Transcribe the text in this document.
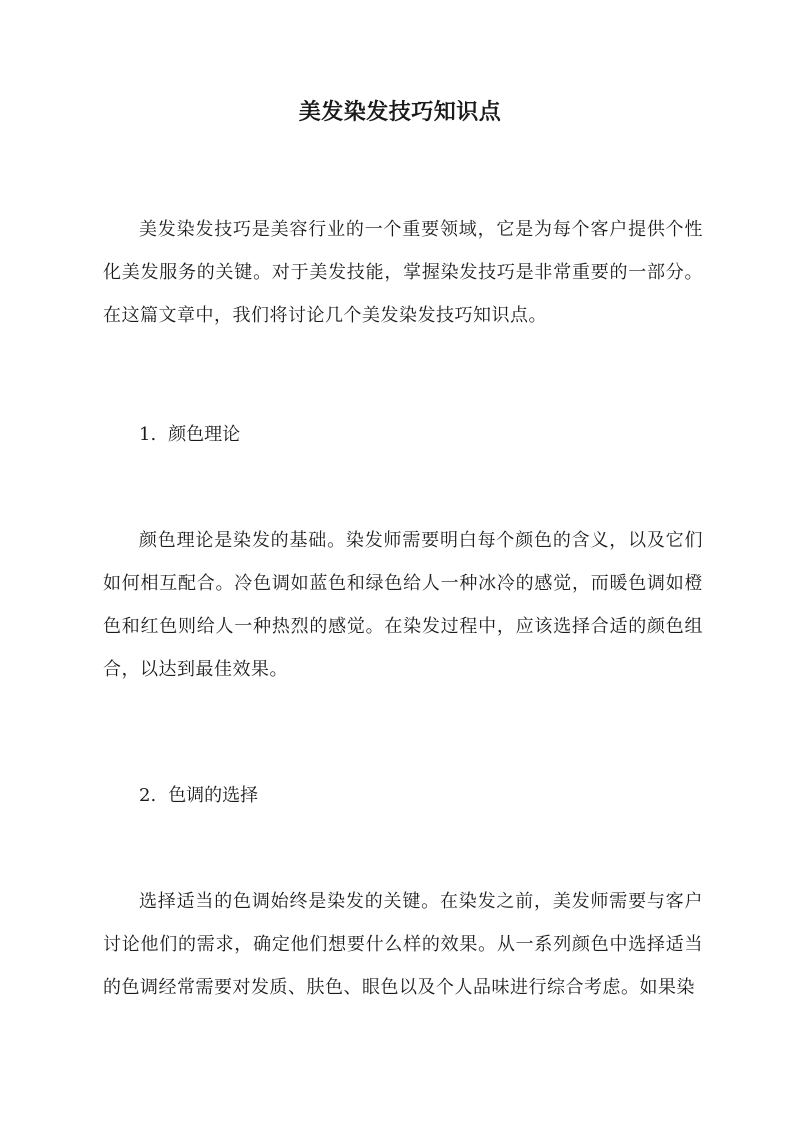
美发染发技巧知识点

美发染发技巧是美容行业的一个重要领域，它是为每个客户提供个性化美发服务的关键。对于美发技能，掌握染发技巧是非常重要的一部分。在这篇文章中，我们将讨论几个美发染发技巧知识点。

1. 颜色理论

颜色理论是染发的基础。染发师需要明白每个颜色的含义，以及它们如何相互配合。冷色调如蓝色和绿色给人一种冰冷的感觉，而暖色调如橙色和红色则给人一种热烈的感觉。在染发过程中，应该选择合适的颜色组合，以达到最佳效果。

2. 色调的选择

选择适当的色调始终是染发的关键。在染发之前，美发师需要与客户讨论他们的需求，确定他们想要什么样的效果。从一系列颜色中选择适当的色调经常需要对发质、肤色、眼色以及个人品味进行综合考虑。如果染
